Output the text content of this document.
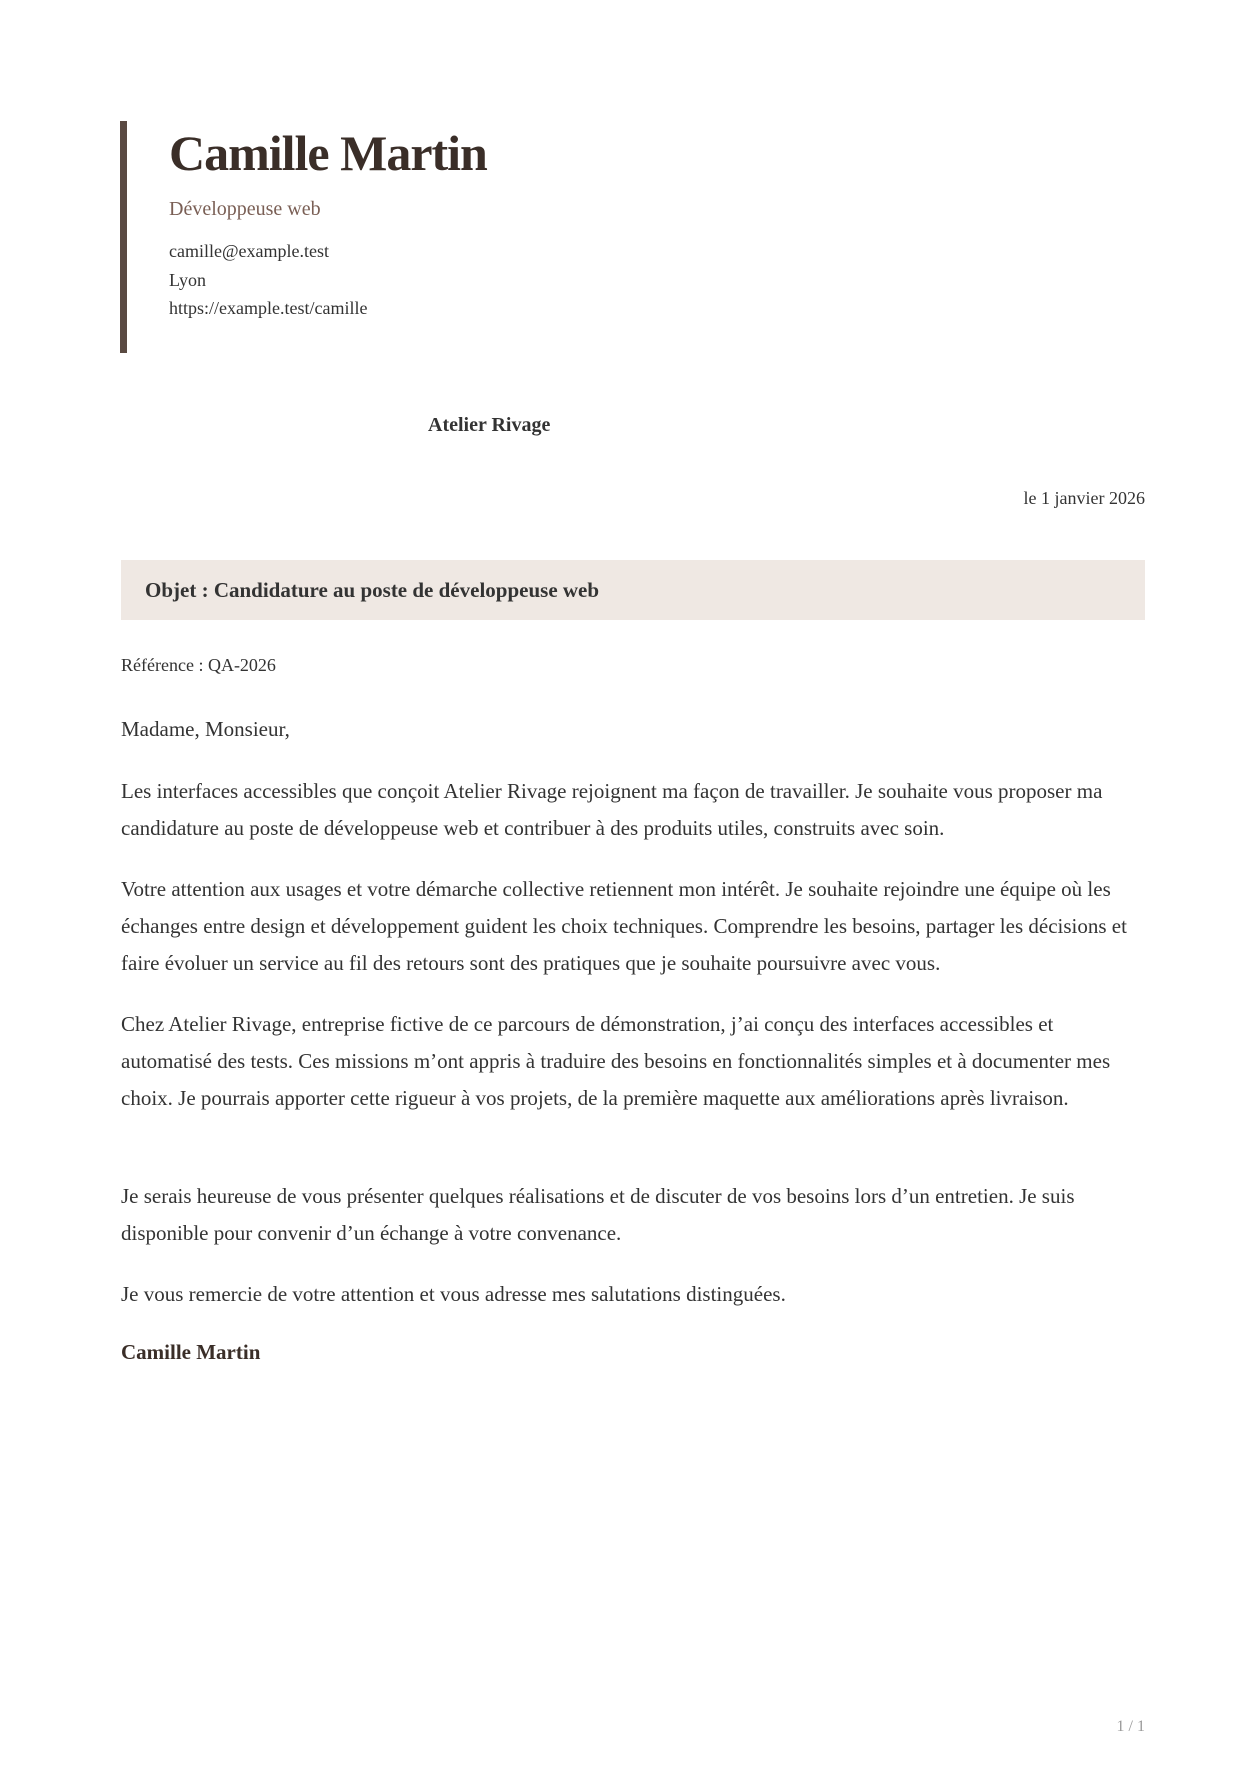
Camille Martin
Développeuse web
camille@example.test
Lyon
https://example.test/camille
Atelier Rivage
le 1 janvier 2026
Objet : Candidature au poste de développeuse web
Référence : QA-2026

Madame, Monsieur,

Les interfaces accessibles que conçoit Atelier Rivage rejoignent ma façon de travailler. Je souhaite vous proposer ma candidature au poste de développeuse web et contribuer à des produits utiles, construits avec soin.

Votre attention aux usages et votre démarche collective retiennent mon intérêt. Je souhaite rejoindre une équipe où les échanges entre design et développement guident les choix techniques. Comprendre les besoins, partager les décisions et faire évoluer un service au fil des retours sont des pratiques que je souhaite poursuivre avec vous.

Chez Atelier Rivage, entreprise fictive de ce parcours de démonstration, j’ai conçu des interfaces accessibles et automatisé des tests. Ces missions m’ont appris à traduire des besoins en fonctionnalités simples et à documenter mes choix. Je pourrais apporter cette rigueur à vos projets, de la première maquette aux améliorations après livraison.

Je serais heureuse de vous présenter quelques réalisations et de discuter de vos besoins lors d’un entretien. Je suis disponible pour convenir d’un échange à votre convenance.

Je vous remercie de votre attention et vous adresse mes salutations distinguées.

Camille Martin
1 / 1
